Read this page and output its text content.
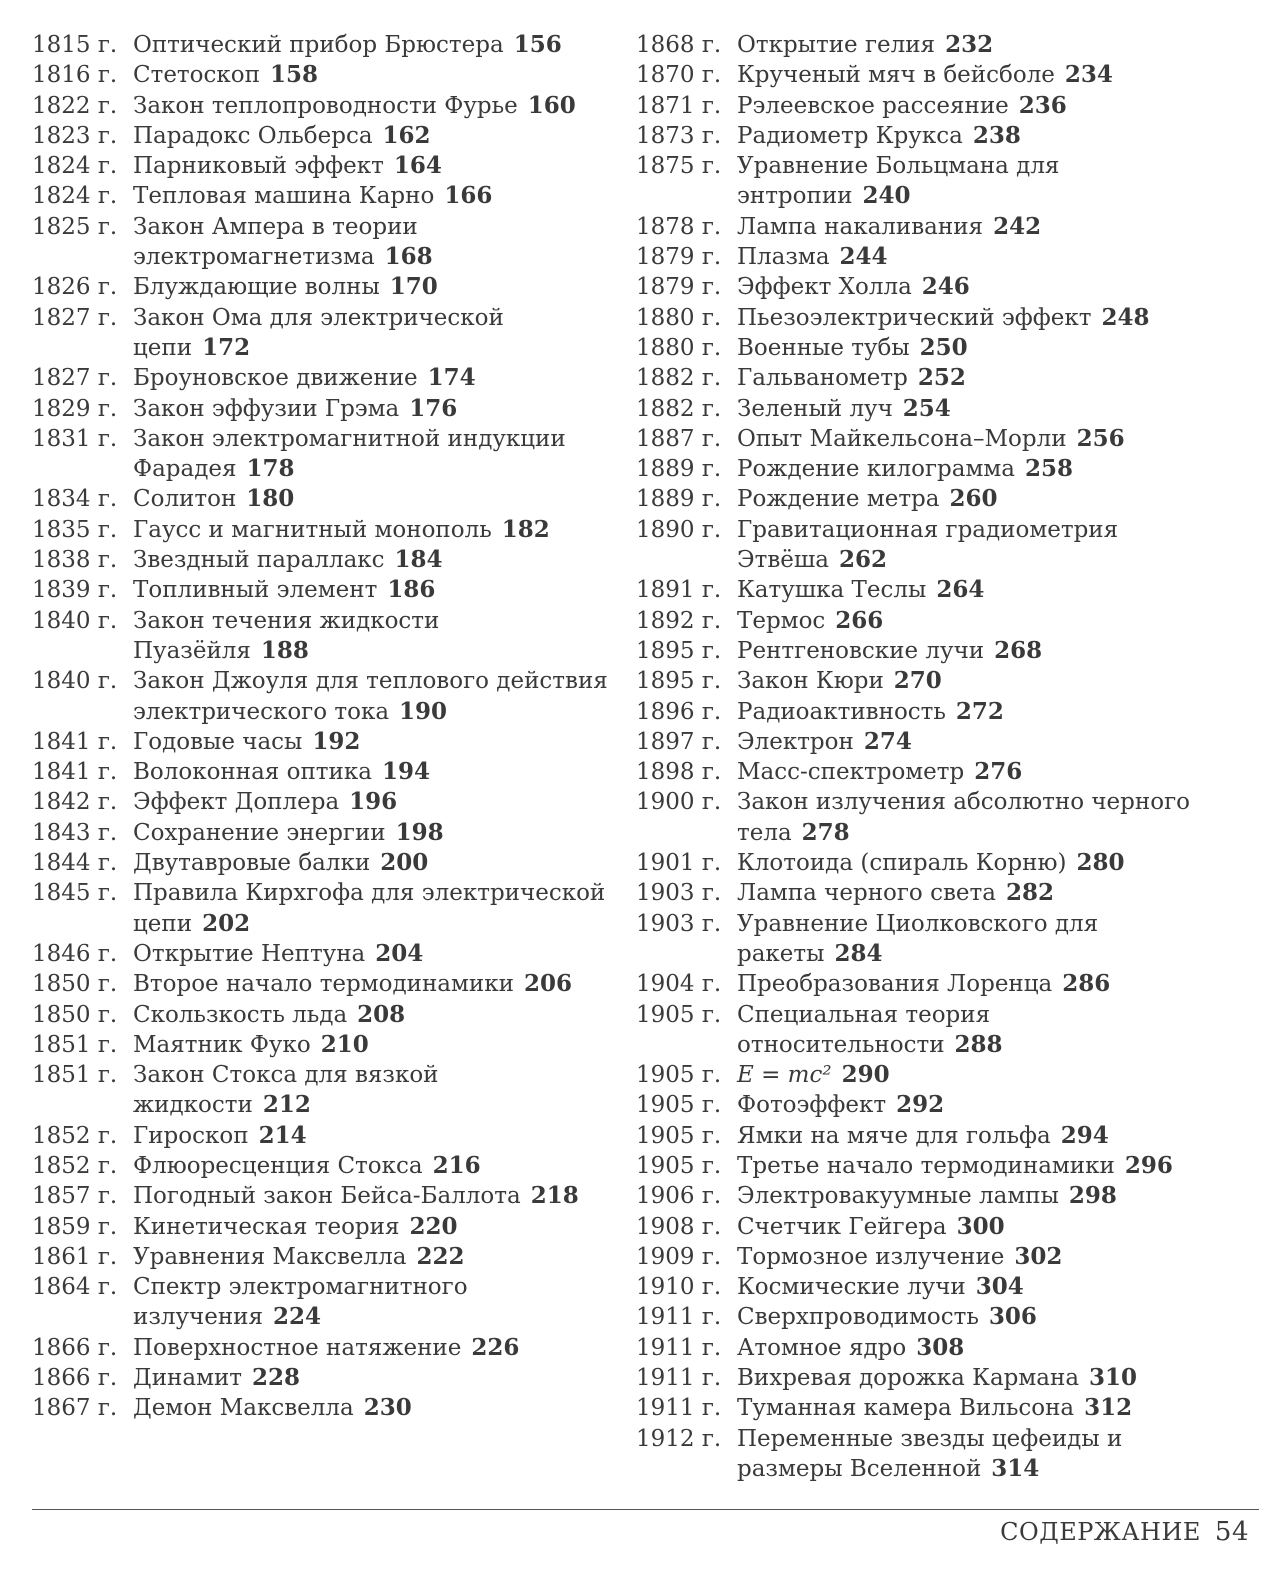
1815 г. Оптический прибор Брюстера 156
1816 г. Стетоскоп 158
1822 г. Закон теплопроводности Фурье 160
1823 г. Парадокс Ольберса 162
1824 г. Парниковый эффект 164
1824 г. Тепловая машина Карно 166
1825 г. Закон Ампера в теории электромагнетизма 168
1826 г. Блуждающие волны 170
1827 г. Закон Ома для электрической цепи 172
1827 г. Броуновское движение 174
1829 г. Закон эффузии Грэма 176
1831 г. Закон электромагнитной индукции Фарадея 178
1834 г. Солитон 180
1835 г. Гаусс и магнитный монополь 182
1838 г. Звездный параллакс 184
1839 г. Топливный элемент 186
1840 г. Закон течения жидкости Пуазёйля 188
1840 г. Закон Джоуля для теплового действия электрического тока 190
1841 г. Годовые часы 192
1841 г. Волоконная оптика 194
1842 г. Эффект Доплера 196
1843 г. Сохранение энергии 198
1844 г. Двутавровые балки 200
1845 г. Правила Кирхгофа для электрической цепи 202
1846 г. Открытие Нептуна 204
1850 г. Второе начало термодинамики 206
1850 г. Скользкость льда 208
1851 г. Маятник Фуко 210
1851 г. Закон Стокса для вязкой жидкости 212
1852 г. Гироскоп 214
1852 г. Флюоресценция Стокса 216
1857 г. Погодный закон Бейса-Баллота 218
1859 г. Кинетическая теория 220
1861 г. Уравнения Максвелла 222
1864 г. Спектр электромагнитного излучения 224
1866 г. Поверхностное натяжение 226
1866 г. Динамит 228
1867 г. Демон Максвелла 230
1868 г. Открытие гелия 232
1870 г. Крученый мяч в бейсболе 234
1871 г. Рэлеевское рассеяние 236
1873 г. Радиометр Крукса 238
1875 г. Уравнение Больцмана для энтропии 240
1878 г. Лампа накаливания 242
1879 г. Плазма 244
1879 г. Эффект Холла 246
1880 г. Пьезоэлектрический эффект 248
1880 г. Военные тубы 250
1882 г. Гальванометр 252
1882 г. Зеленый луч 254
1887 г. Опыт Майкельсона–Морли 256
1889 г. Рождение килограмма 258
1889 г. Рождение метра 260
1890 г. Гравитационная градиометрия Этвёша 262
1891 г. Катушка Теслы 264
1892 г. Термос 266
1895 г. Рентгеновские лучи 268
1895 г. Закон Кюри 270
1896 г. Радиоактивность 272
1897 г. Электрон 274
1898 г. Масс-спектрометр 276
1900 г. Закон излучения абсолютно черного тела 278
1901 г. Клотоида (спираль Корню) 280
1903 г. Лампа черного света 282
1903 г. Уравнение Циолковского для ракеты 284
1904 г. Преобразования Лоренца 286
1905 г. Специальная теория относительности 288
1905 г. E = mc² 290
1905 г. Фотоэффект 292
1905 г. Ямки на мяче для гольфа 294
1905 г. Третье начало термодинамики 296
1906 г. Электровакуумные лампы 298
1908 г. Счетчик Гейгера 300
1909 г. Тормозное излучение 302
1910 г. Космические лучи 304
1911 г. Сверхпроводимость 306
1911 г. Атомное ядро 308
1911 г. Вихревая дорожка Кармана 310
1911 г. Туманная камера Вильсона 312
1912 г. Переменные звезды цефеиды и размеры Вселенной 314
СОДЕРЖАНИЕ 54
